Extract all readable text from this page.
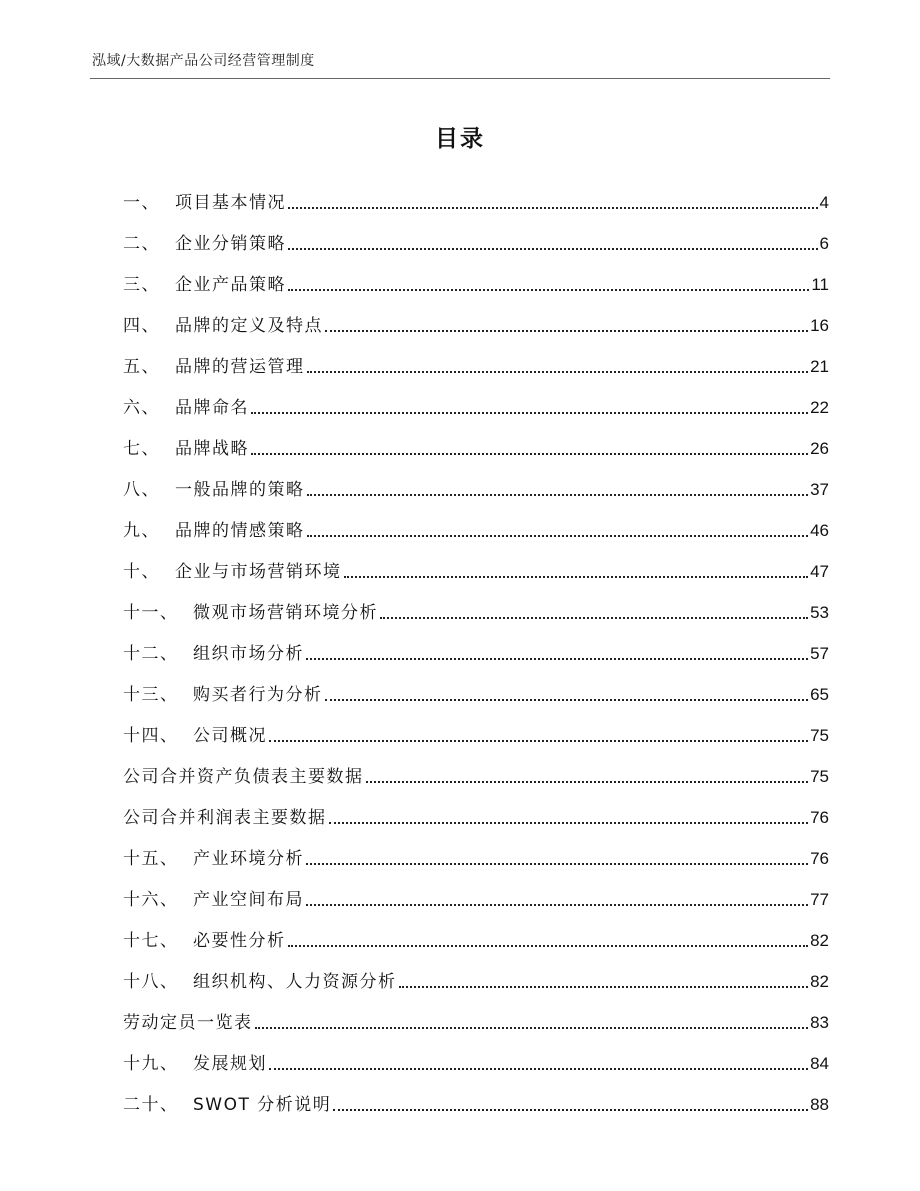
泓域/大数据产品公司经营管理制度
目录
一、 项目基本情况	4
二、 企业分销策略	6
三、 企业产品策略	11
四、 品牌的定义及特点	16
五、 品牌的营运管理	21
六、 品牌命名	22
七、 品牌战略	26
八、 一般品牌的策略	37
九、 品牌的情感策略	46
十、 企业与市场营销环境	47
十一、 微观市场营销环境分析	53
十二、 组织市场分析	57
十三、 购买者行为分析	65
十四、 公司概况	75
公司合并资产负债表主要数据	75
公司合并利润表主要数据	76
十五、 产业环境分析	76
十六、 产业空间布局	77
十七、 必要性分析	82
十八、 组织机构、人力资源分析	82
劳动定员一览表	83
十九、 发展规划	84
二十、 SWOT 分析说明	88
